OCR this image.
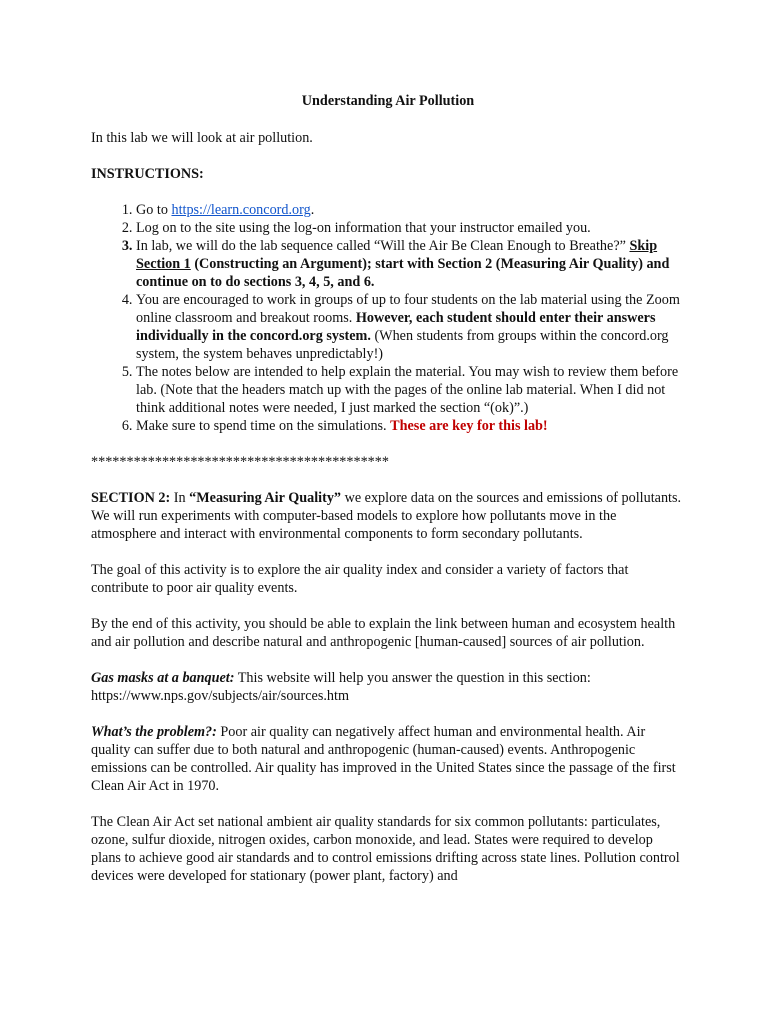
Understanding Air Pollution

In this lab we will look at air pollution.

INSTRUCTIONS:

1. Go to https://learn.concord.org.
2. Log on to the site using the log-on information that your instructor emailed you.
3. In lab, we will do the lab sequence called “Will the Air Be Clean Enough to Breathe?” Skip Section 1 (Constructing an Argument); start with Section 2 (Measuring Air Quality) and continue on to do sections 3, 4, 5, and 6.
4. You are encouraged to work in groups of up to four students on the lab material using the Zoom online classroom and breakout rooms. However, each student should enter their answers individually in the concord.org system. (When students from groups within the concord.org system, the system behaves unpredictably!)
5. The notes below are intended to help explain the material. You may wish to review them before lab. (Note that the headers match up with the pages of the online lab material. When I did not think additional notes were needed, I just marked the section “(ok)”.)
6. Make sure to spend time on the simulations. These are key for this lab!

******************************************

SECTION 2: In “Measuring Air Quality” we explore data on the sources and emissions of pollutants. We will run experiments with computer-based models to explore how pollutants move in the atmosphere and interact with environmental components to form secondary pollutants.

The goal of this activity is to explore the air quality index and consider a variety of factors that contribute to poor air quality events.

By the end of this activity, you should be able to explain the link between human and ecosystem health and air pollution and describe natural and anthropogenic [human-caused] sources of air pollution.

Gas masks at a banquet: This website will help you answer the question in this section: https://www.nps.gov/subjects/air/sources.htm

What’s the problem?: Poor air quality can negatively affect human and environmental health. Air quality can suffer due to both natural and anthropogenic (human-caused) events. Anthropogenic emissions can be controlled. Air quality has improved in the United States since the passage of the first Clean Air Act in 1970.

The Clean Air Act set national ambient air quality standards for six common pollutants: particulates, ozone, sulfur dioxide, nitrogen oxides, carbon monoxide, and lead. States were required to develop plans to achieve good air standards and to control emissions drifting across state lines. Pollution control devices were developed for stationary (power plant, factory) and
